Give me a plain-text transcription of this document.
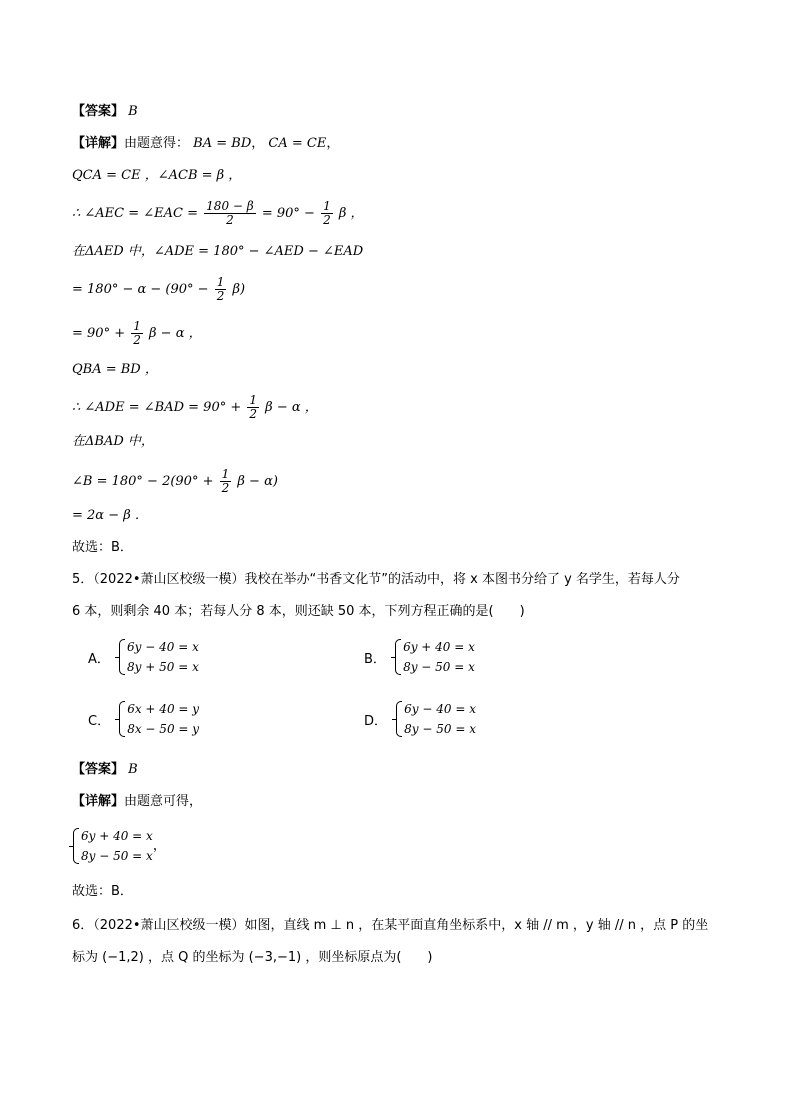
【答案】 B
【详解】由题意得： BA = BD， CA = CE，
QCA = CE ，∠ACB = β ，
∴ ∠AEC = ∠EAC = $\frac{180 - \beta}{2} = 90^\circ - \frac{1}{2}$ β ，
在ΔAED 中，∠ADE = 180° − ∠AED − ∠EAD
= $180^\circ - \alpha - (90^\circ - \frac{1}{2} \beta)$
= $90^\circ + \frac{1}{2}$ β − α ，
QBA = BD ，
∴ ∠ADE = ∠BAD = $90^\circ + \frac{1}{2}$ β − α ，
在ΔBAD 中，
∠B = $180^\circ - 2(90^\circ + \frac{1}{2}$ β − α)
= 2α − β ．
故选：B．
5．（2022•萧山区校级一模）我校在举办“书香文化节”的活动中，将 x 本图书分给了 y 名学生，若每人分
6 本，则剩余 40 本；若每人分 8 本，则还缺 50 本，下列方程正确的是(　　)
A．
6y − 40 = x
8y + 50 = x
B．
6y + 40 = x
8y − 50 = x
C．
6x + 40 = y
8x − 50 = y
D．
6y − 40 = x
8y − 50 = x
【答案】 B
【详解】由题意可得，
6y + 40 = x
8y − 50 = x
，
故选：B．
6．（2022•萧山区校级一模）如图，直线 m ⊥ n ，在某平面直角坐标系中，x 轴 // m ，y 轴 // n ，点 P 的坐
标为 (−1,2) ，点 Q 的坐标为 (−3,−1) ，则坐标原点为(　　)
